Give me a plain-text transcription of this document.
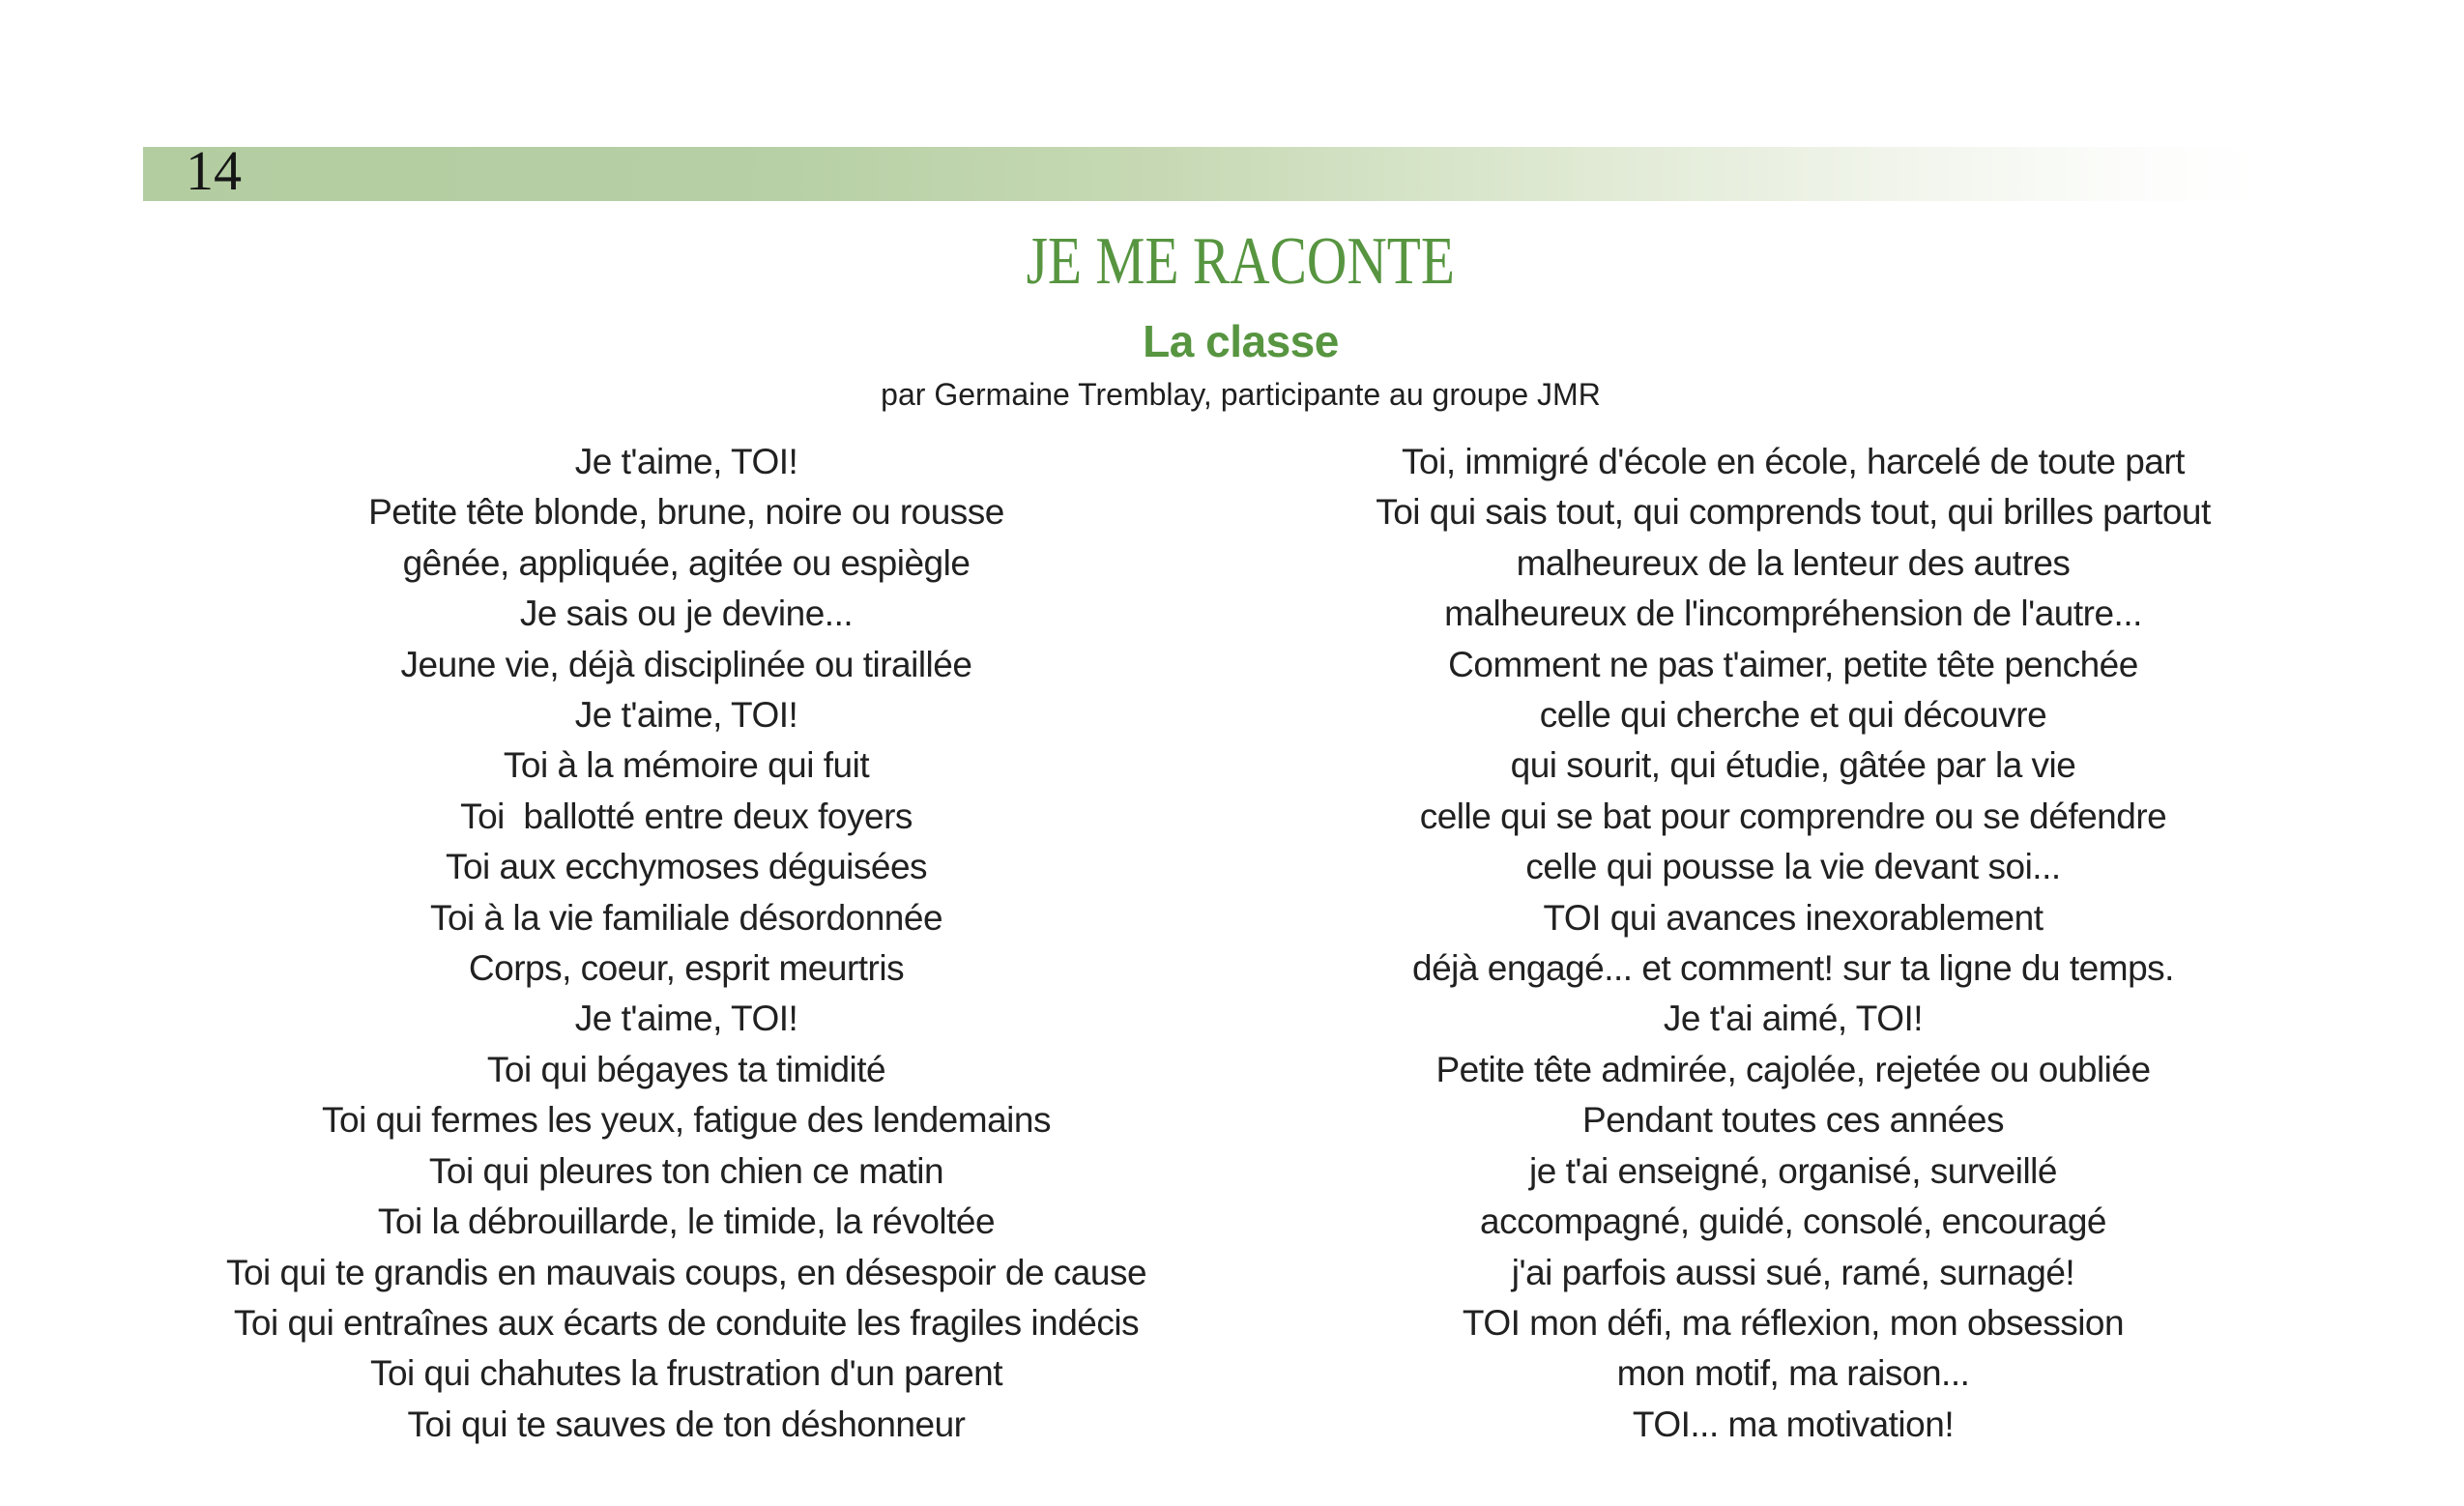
14
JE ME RACONTE
La classe
par Germaine Tremblay, participante au groupe JMR
Je t'aime, TOI!
Petite tête blonde, brune, noire ou rousse
gênée, appliquée, agitée ou espiègle
Je sais ou je devine...
Jeune vie, déjà disciplinée ou tiraillée
Je t'aime, TOI!
Toi à la mémoire qui fuit
Toi  ballotté entre deux foyers
Toi aux ecchymoses déguisées
Toi à la vie familiale désordonnée
Corps, coeur, esprit meurtris
Je t'aime, TOI!
Toi qui bégayes ta timidité
Toi qui fermes les yeux, fatigue des lendemains
Toi qui pleures ton chien ce matin
Toi la débrouillarde, le timide, la révoltée
Toi qui te grandis en mauvais coups, en désespoir de cause
Toi qui entraînes aux écarts de conduite les fragiles indécis
Toi qui chahutes la frustration d'un parent
Toi qui te sauves de ton déshonneur
Toi, immigré d'école en école, harcelé de toute part
Toi qui sais tout, qui comprends tout, qui brilles partout
malheureux de la lenteur des autres
malheureux de l'incompréhension de l'autre...
Comment ne pas t'aimer, petite tête penchée
celle qui cherche et qui découvre
qui sourit, qui étudie, gâtée par la vie
celle qui se bat pour comprendre ou se défendre
celle qui pousse la vie devant soi...
TOI qui avances inexorablement
déjà engagé... et comment! sur ta ligne du temps.
Je t'ai aimé, TOI!
Petite tête admirée, cajolée, rejetée ou oubliée
Pendant toutes ces années
je t'ai enseigné, organisé, surveillé
accompagné, guidé, consolé, encouragé
j'ai parfois aussi sué, ramé, surnagé!
TOI mon défi, ma réflexion, mon obsession
mon motif, ma raison...
TOI... ma motivation!
